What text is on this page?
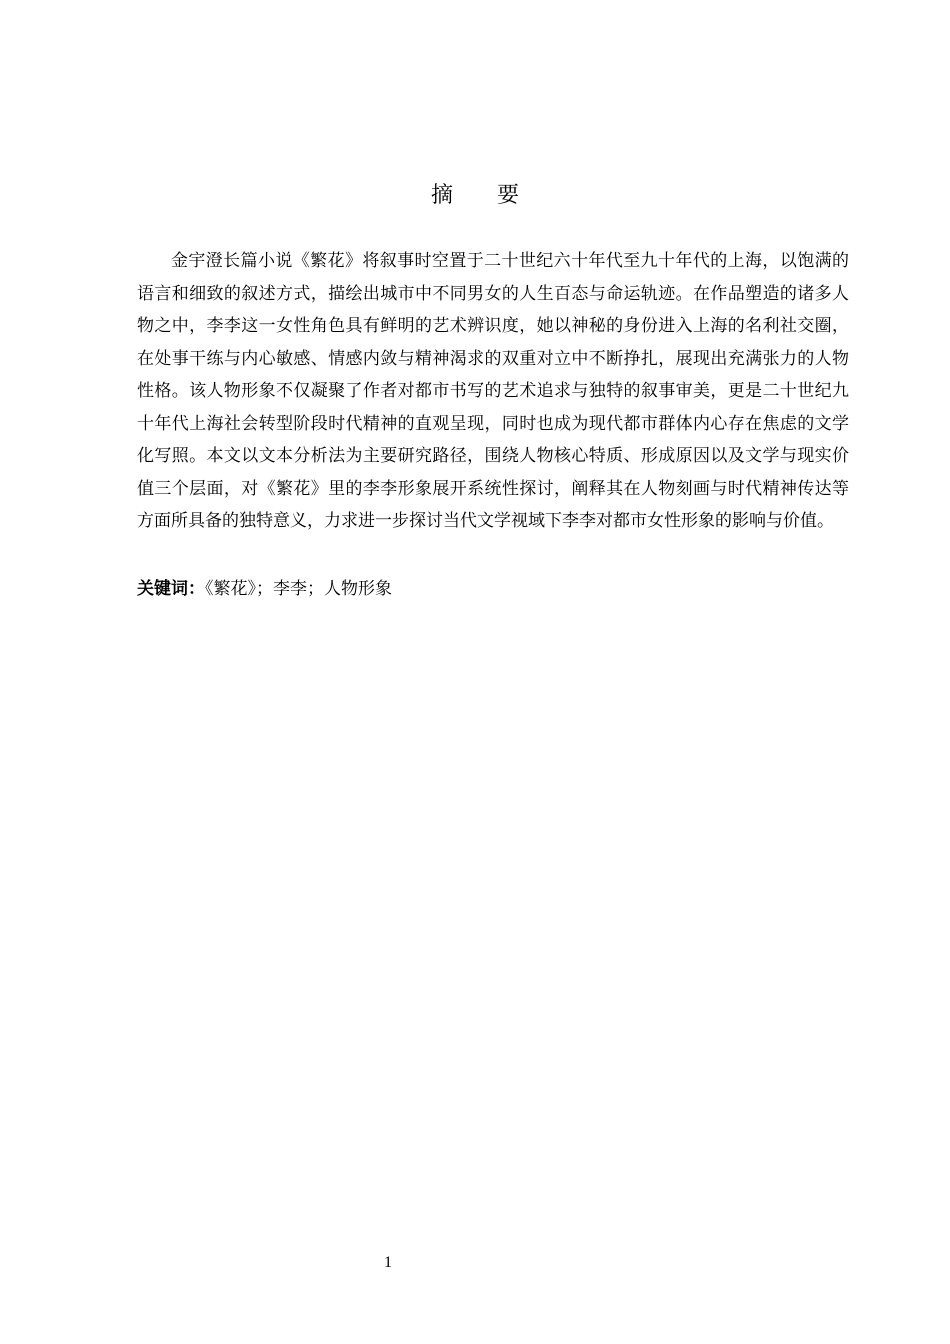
摘 要

金宇澄长篇小说《繁花》将叙事时空置于二十世纪六十年代至九十年代的上海，以饱满的语言和细致的叙述方式，描绘出城市中不同男女的人生百态与命运轨迹。在作品塑造的诸多人物之中，李李这一女性角色具有鲜明的艺术辨识度，她以神秘的身份进入上海的名利社交圈，在处事干练与内心敏感、情感内敛与精神渴求的双重对立中不断挣扎，展现出充满张力的人物性格。该人物形象不仅凝聚了作者对都市书写的艺术追求与独特的叙事审美，更是二十世纪九十年代上海社会转型阶段时代精神的直观呈现，同时也成为现代都市群体内心存在焦虑的文学化写照。本文以文本分析法为主要研究路径，围绕人物核心特质、形成原因以及文学与现实价值三个层面，对《繁花》里的李李形象展开系统性探讨，阐释其在人物刻画与时代精神传达等方面所具备的独特意义，力求进一步探讨当代文学视域下李李对都市女性形象的影响与价值。

关键词：《繁花》；李李；人物形象
1
